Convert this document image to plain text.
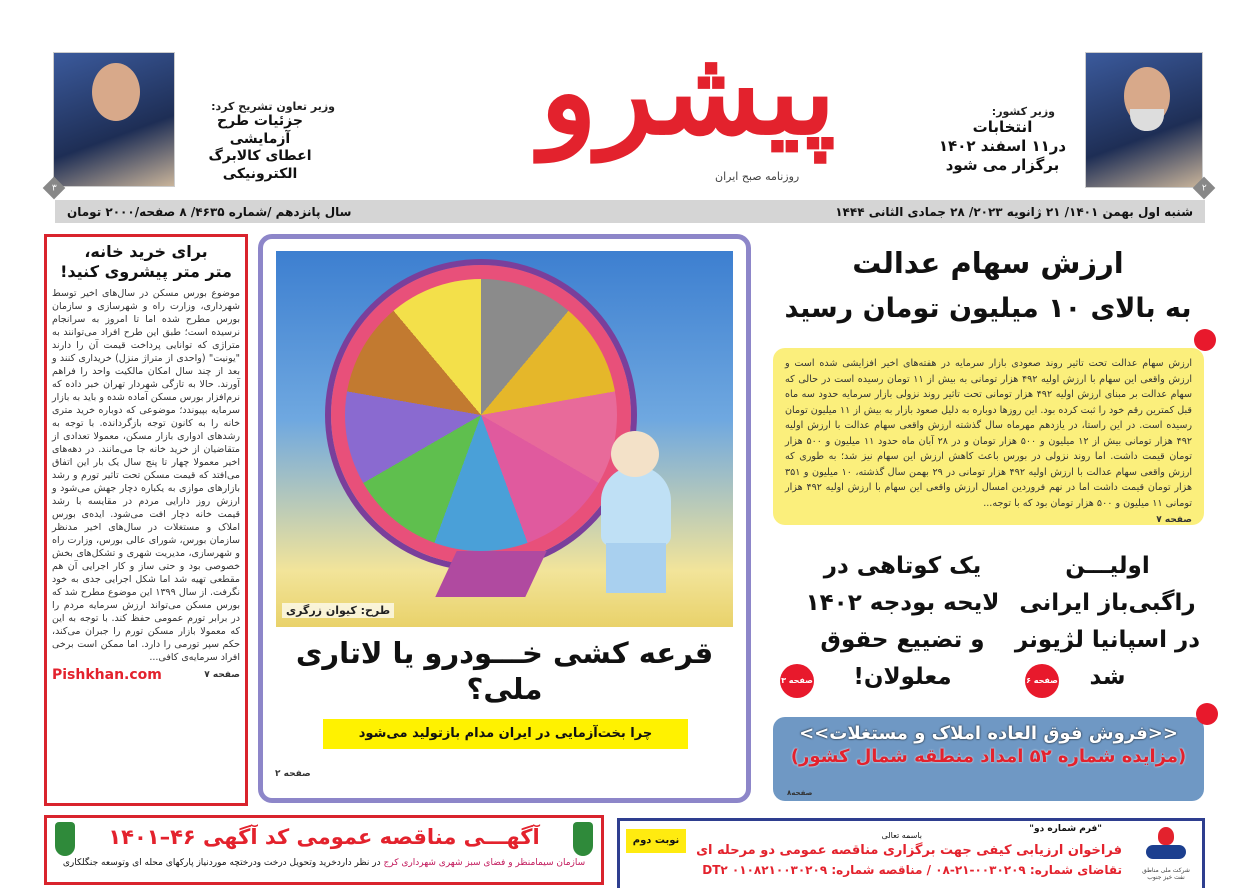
۲
وزیر کشور:
انتخابات
در۱۱ اسفند ۱۴۰۲
برگزار می شود
پیشرو
روزنامه صبح ایران
۳
وزیر تعاون تشریح کرد:
جزئیات طرح آزمایشی
اعطای کالابرگ
الکترونیکی
شنبه اول بهمن ۱۴۰۱/ ۲۱ ژانویه ۲۰۲۳/ ۲۸ جمادی الثانی ۱۴۴۴
سال پانزدهم /شماره ۴۶۳۵/ ۸ صفحه/۲۰۰۰ تومان
برای خرید خانه،
متر متر پیشروی کنید!

موضوع بورس مسکن در سال‌های اخیر توسط شهرداری، وزارت راه و شهرسازی و سازمان بورس مطرح شده اما تا امروز به سرانجام نرسیده است؛ طبق این طرح افراد می‌توانند به متراژی که توانایی پرداخت قیمت آن را دارند "یونیت" (واحدی از متراژ منزل) خریداری کنند و بعد از چند سال امکان مالکیت واحد را فراهم آورند. حالا به تازگی شهردار تهران خبر داده که نرم‌افزار بورس مسکن آماده شده و باید به بازار سرمایه بپیوندد؛ موضوعی که دوباره خرید متری خانه را به کانون توجه بازگردانده. با توجه به رشدهای ادواری بازار مسکن، معمولا تعدادی از متقاضیان از خرید خانه جا می‌مانند. در دهه‌های اخیر معمولا چهار تا پنج سال یک بار این اتفاق می‌افتد که قیمت مسکن تحت تاثیر تورم و رشد بازارهای موازی به یکباره دچار جهش می‌شود و ارزش روز دارایی مردم در مقایسه با رشد قیمت خانه دچار افت می‌شود. ایده‌ی بورس املاک و مستغلات در سال‌های اخیر مدنظر سازمان بورس، شورای عالی بورس، وزارت راه و شهرسازی، مدیریت شهری و تشکل‌های بخش خصوصی بود و حتی ساز و کار اجرایی آن هم مقطعی تهیه شد اما شکل اجرایی جدی به خود نگرفت. از سال ۱۳۹۹ این موضوع مطرح شد که بورس مسکن می‌تواند ارزش سرمایه مردم را در برابر تورم عمومی حفظ کند. با توجه به این که معمولا بازار مسکن تورم را جبران می‌کند، حکم سپر تورمی را دارد. اما ممکن است برخی افراد سرمایه‌ی کافی...

صفحه ۷
Pishkhan.com
طرح: کیوان زرگری
قرعه کشی خـــودرو یا لاتاری ملی؟
چرا بخت‌آزمایی در ایران مدام بازتولید می‌شود
صفحه ۲
ارزش سهام عدالت
به بالای ۱۰ میلیون تومان رسید
ارزش سهام عدالت تحت تاثیر روند صعودی بازار سرمایه در هفته‌های اخیر افزایشی شده است و ارزش واقعی این سهام با ارزش اولیه ۴۹۲ هزار تومانی به بیش از ۱۱ تومان رسیده است در حالی که سهام عدالت بر مبنای ارزش اولیه ۴۹۲ هزار تومانی تحت تاثیر روند نزولی بازار سرمایه حدود سه ماه قبل کمترین رقم خود را ثبت کرده بود. این روزها دوباره به دلیل صعود بازار به بیش از ۱۱ میلیون تومان رسیده است. در این راستا، در یازدهم مهرماه سال گذشته ارزش واقعی سهام عدالت با ارزش اولیه ۴۹۲ هزار تومانی بیش از ۱۲ میلیون و ۵۰۰ هزار تومان و در ۲۸ آبان ماه حدود ۱۱ میلیون و ۵۰۰ هزار تومان قیمت داشت. اما روند نزولی در بورس باعث کاهش ارزش این سهام نیز شد؛ به طوری که ارزش واقعی سهام عدالت با ارزش اولیه ۴۹۲ هزار تومانی در ۲۹ بهمن سال گذشته، ۱۰ میلیون و ۳۵۱ هزار تومان قیمت داشت اما در نهم فروردین امسال ارزش واقعی این سهام با ارزش اولیه ۴۹۲ هزار تومانی ۱۱ میلیون و ۵۰۰ هزار تومان بود که با توجه...
صفحه ۷
اولیـــن
راگبی‌باز ایرانی
در اسپانیا لژیونر
شد
صفحه ۶
یک کوتاهی در
لایحه بودجه ۱۴۰۲
و تضییع حقوق
معلولان!
صفحه ۳
<<فروش فوق العاده املاک و مستغلات>>
(مزایده شماره ۵۲ امداد منطقه شمال کشور)
صفحه۸
آگهـــی مناقصه عمومی کد آگهی ۴۶–۱۴۰۱
سازمان سیمامنظر و فضای سبز شهری شهرداری کرج در نظر داردخرید وتحویل درخت ودرختچه موردنیاز پارکهای محله ای وتوسعه جنگلکاری
شرکت ملی مناطق نفت خیز جنوب
نوبت دوم
"فرم شماره دو"
باسمه تعالی
فراخوان ارزیابی کیفی جهت برگزاری مناقصه عمومی دو مرحله ای
تقاضای شماره: ۰۰۳۰۲۰۹-۲۱-۰۸ / مناقصه شماره: DT۲ ۰۱۰۸۲۱۰۰۳۰۲۰۹
